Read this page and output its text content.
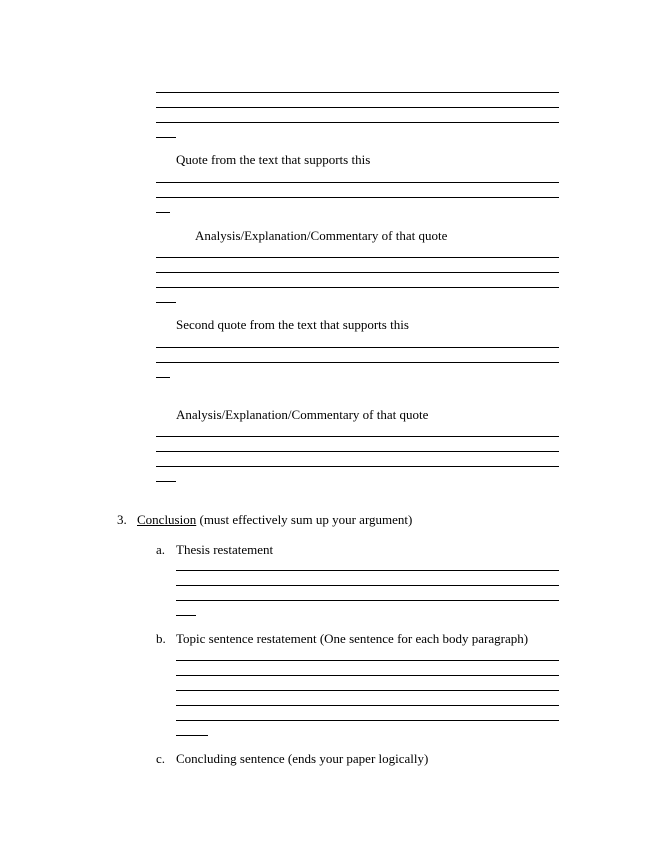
Quote from the text that supports this
Analysis/Explanation/Commentary of that quote
Second quote from the text that supports this
Analysis/Explanation/Commentary of that quote
3. Conclusion (must effectively sum up your argument)
a. Thesis restatement
b. Topic sentence restatement (One sentence for each body paragraph)
c. Concluding sentence (ends your paper logically)
